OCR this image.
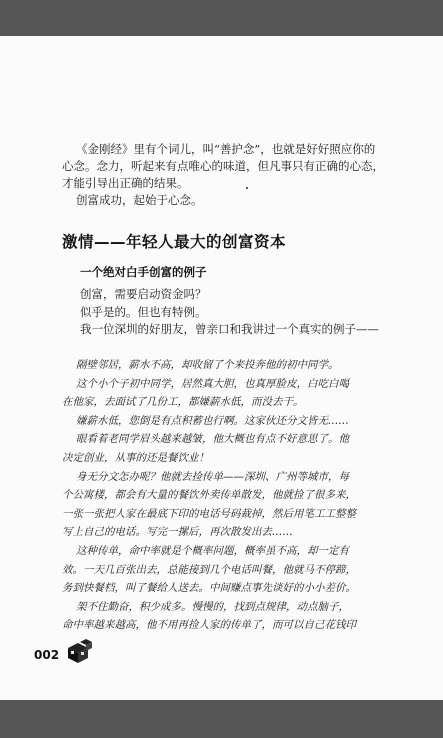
《金刚经》里有个词儿，叫“善护念”，也就是好好照应你的
心念。念力，听起来有点唯心的味道，但凡事只有正确的心态，
才能引导出正确的结果。
创富成功，起始于心念。
激情——年轻人最大的创富资本
一个绝对白手创富的例子
创富，需要启动资金吗？
似乎是的。但也有特例。
我一位深圳的好朋友，曾亲口和我讲过一个真实的例子——
隔壁邻居，薪水不高，却收留了个来投奔他的初中同学。
这个小个子初中同学，居然真大胆，也真厚脸皮，白吃白喝
在他家，去面试了几份工，都嫌薪水低，而没去干。
嫌薪水低，您倒是有点积蓄也行啊。这家伙还分文皆无……
眼看着老同学眉头越来越皱，他大概也有点不好意思了。他
决定创业，从事的还是餐饮业！
身无分文怎办呢？他就去捡传单——深圳、广州等城市，每
个公寓楼，都会有大量的餐饮外卖传单散发，他就捡了很多来，
一张一张把人家在最底下印的电话号码裁掉，然后用笔工工整整
写上自己的电话。写完一摞后，再次散发出去……
这种传单，命中率就是个概率问题，概率虽不高，却一定有
效。一天几百张出去，总能接到几个电话叫餐，他就马不停蹄，
务到快餐档，叫了餐给人送去。中间赚点事先谈好的小小差价。
架不住勤奋，积少成多。慢慢的，找到点规律，动点脑子，
命中率越来越高，他不用再捡人家的传单了，而可以自己花钱印
002
